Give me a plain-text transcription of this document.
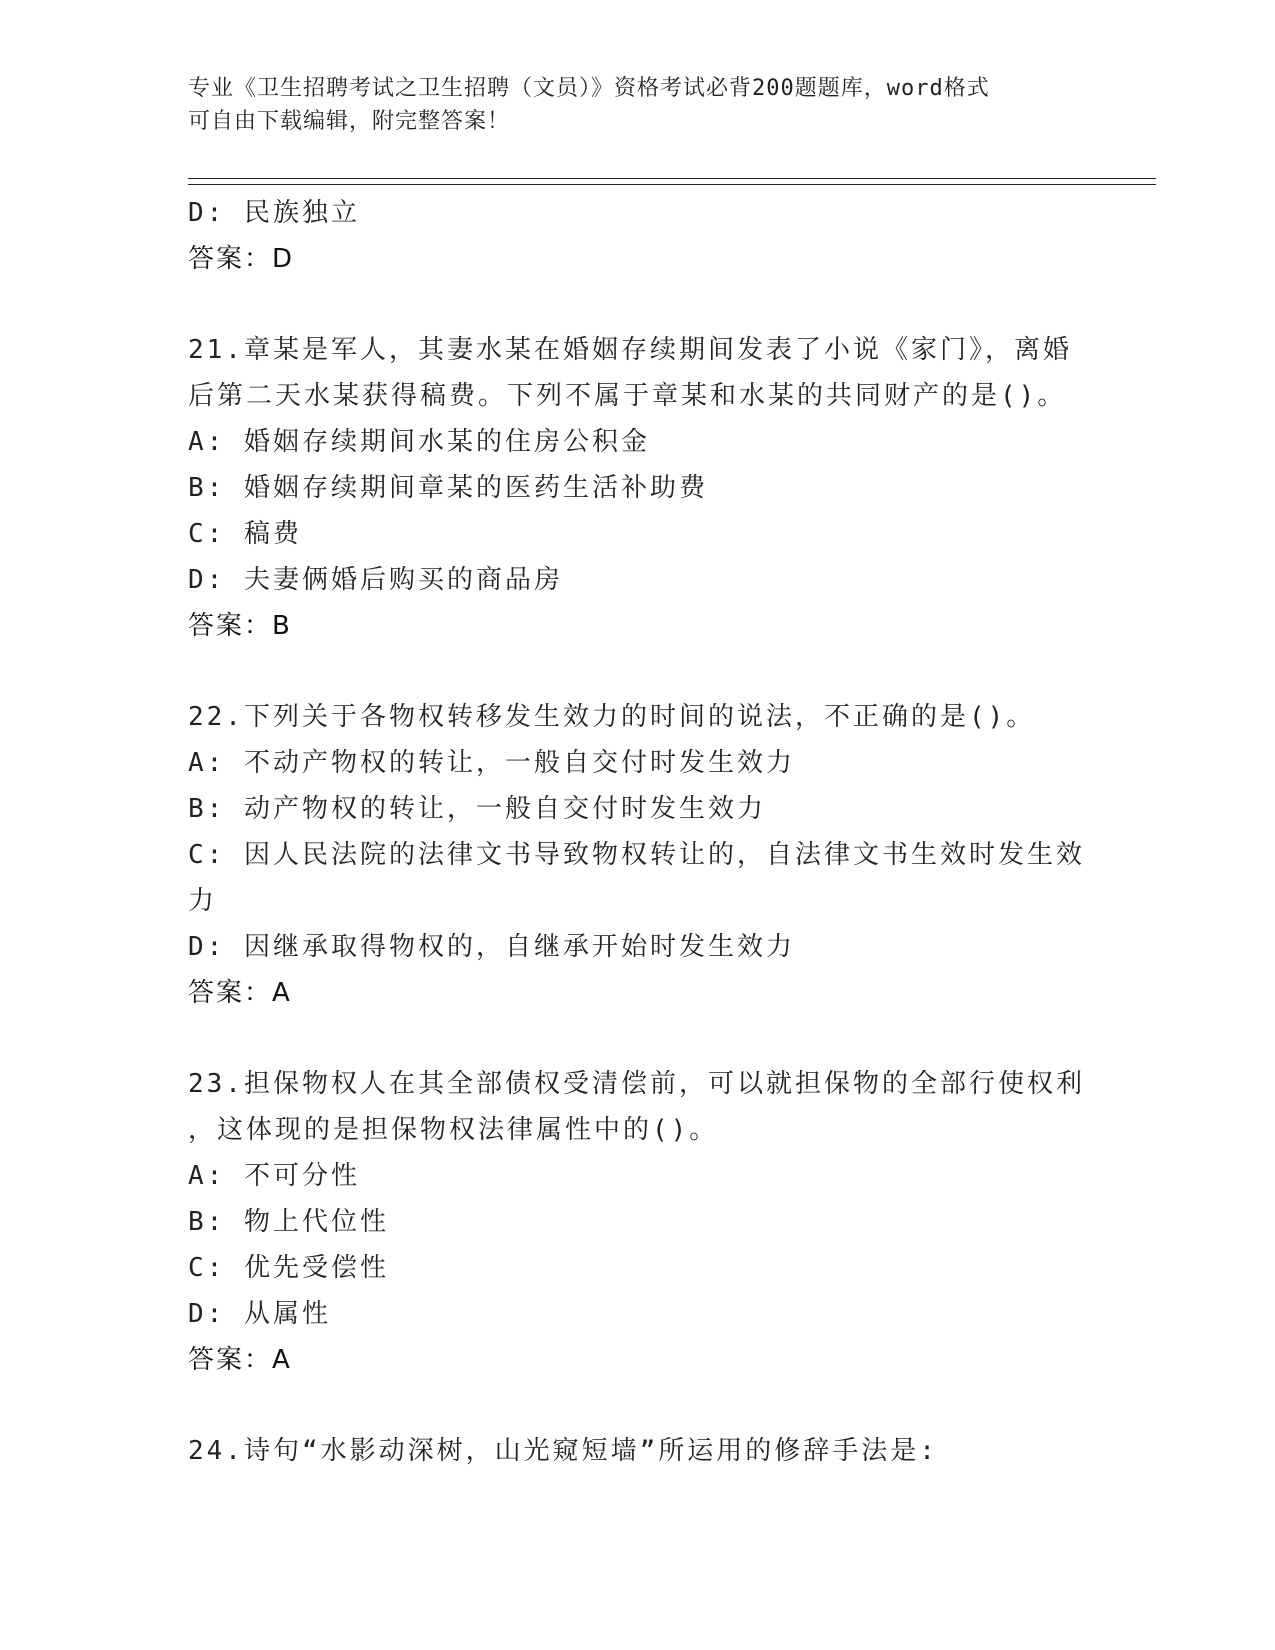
专业《卫生招聘考试之卫生招聘（文员）》资格考试必背200题题库，word格式
可自由下载编辑，附完整答案！
D: 民族独立
答案：D
21.章某是军人，其妻水某在婚姻存续期间发表了小说《家门》，离婚
后第二天水某获得稿费。下列不属于章某和水某的共同财产的是()。
A: 婚姻存续期间水某的住房公积金
B: 婚姻存续期间章某的医药生活补助费
C: 稿费
D: 夫妻俩婚后购买的商品房
答案：B
22.下列关于各物权转移发生效力的时间的说法，不正确的是()。
A: 不动产物权的转让，一般自交付时发生效力
B: 动产物权的转让，一般自交付时发生效力
C: 因人民法院的法律文书导致物权转让的，自法律文书生效时发生效
力
D: 因继承取得物权的，自继承开始时发生效力
答案：A
23.担保物权人在其全部债权受清偿前，可以就担保物的全部行使权利
，这体现的是担保物权法律属性中的()。
A: 不可分性
B: 物上代位性
C: 优先受偿性
D: 从属性
答案：A
24.诗句“水影动深树，山光窥短墙”所运用的修辞手法是:
